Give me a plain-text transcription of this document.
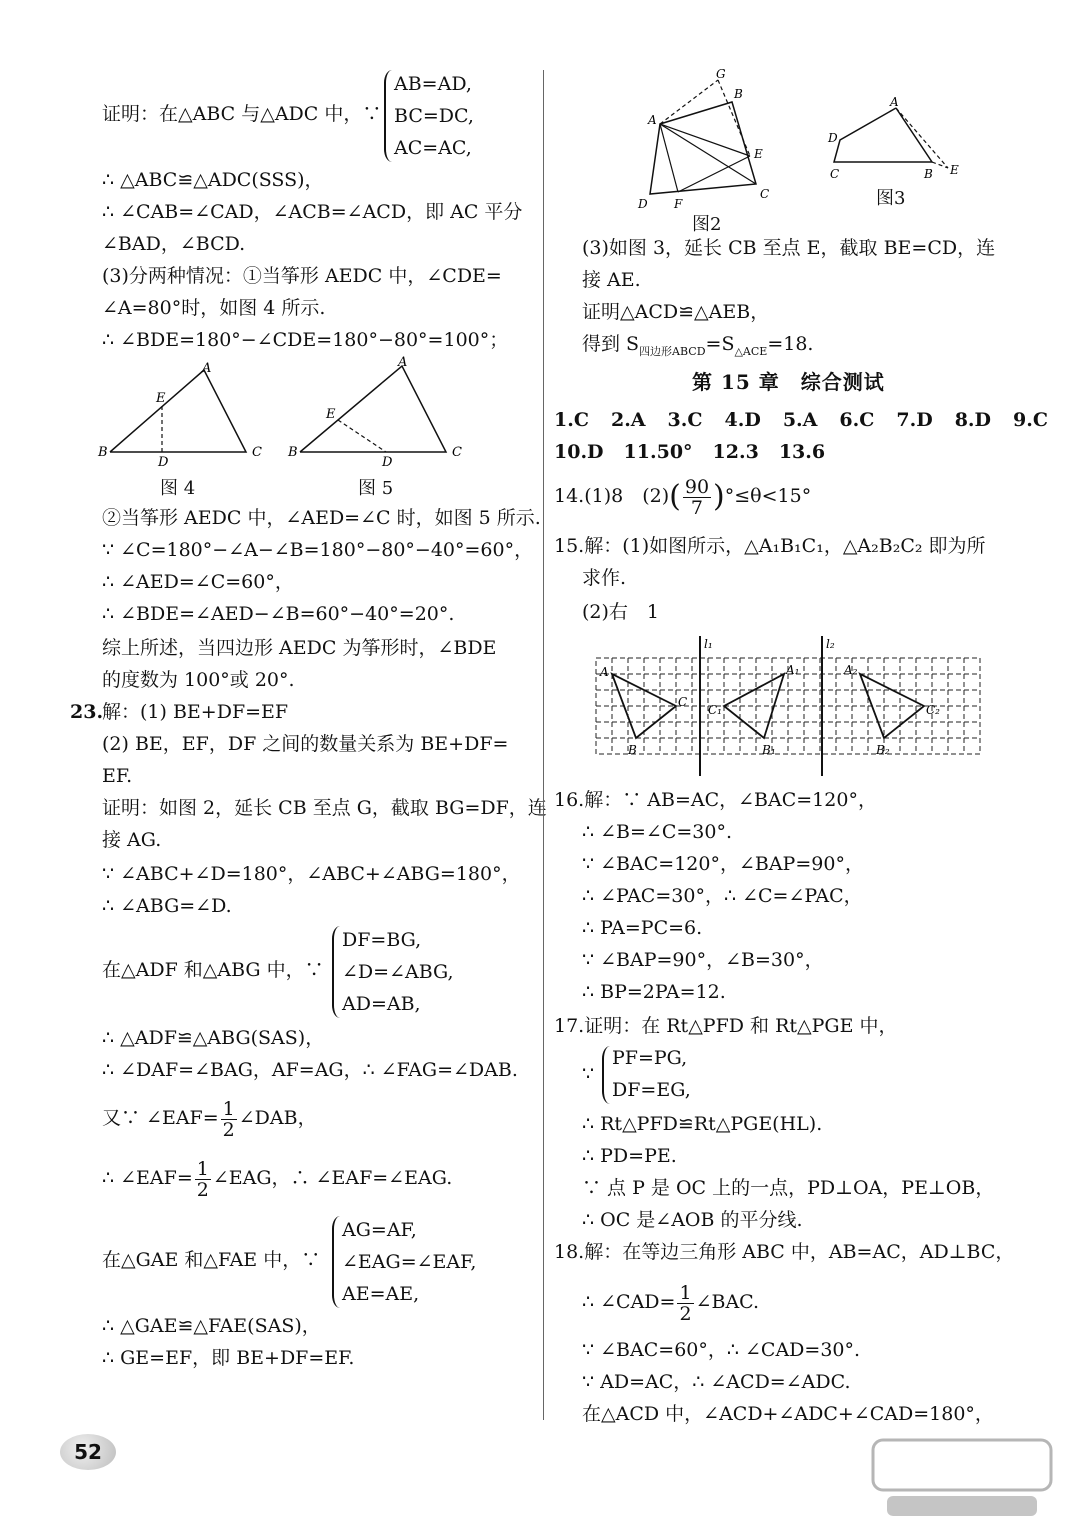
证明：在△ABC 与△ADC 中，∵
AB=AD,
BC=DC,
AC=AC,
∴ △ABC≌△ADC(SSS)，
∴ ∠CAB=∠CAD，∠ACB=∠ACD，即 AC 平分
∠BAD，∠BCD.
(3)分两种情况：①当筝形 AEDC 中，∠CDE=
∠A=80°时，如图 4 所示.
∴ ∠BDE=180°−∠CDE=180°−80°=100°；
A
E
B
D
C
图 4
A
E
B
D
C
图 5
②当筝形 AEDC 中，∠AED=∠C 时，如图 5 所示.
∵ ∠C=180°−∠A−∠B=180°−80°−40°=60°，
∴ ∠AED=∠C=60°，
∴ ∠BDE=∠AED−∠B=60°−40°=20°.
综上所述，当四边形 AEDC 为筝形时，∠BDE
的度数为 100°或 20°.
23.
解：(1) BE+DF=EF
(2) BE，EF，DF 之间的数量关系为 BE+DF=
EF.
证明：如图 2，延长 CB 至点 G，截取 BG=DF，连
接 AG.
∵ ∠ABC+∠D=180°，∠ABC+∠ABG=180°，
∴ ∠ABG=∠D.
在△ADF 和△ABG 中，∵
DF=BG,
∠D=∠ABG,
AD=AB,
∴ △ADF≌△ABG(SAS)，
∴ ∠DAF=∠BAG，AF=AG，∴ ∠FAG=∠DAB.
又∵ ∠EAF= $\frac{1}{2}$ ∠DAB，
∴ ∠EAF= $\frac{1}{2}$ ∠EAG，∴ ∠EAF=∠EAG.
在△GAE 和△FAE 中，∵
AG=AF,
∠EAG=∠EAF,
AE=AE,
∴ △GAE≌△FAE(SAS)，
∴ GE=EF，即 BE+DF=EF.
G
B
A
E
D F
C
图2
A
D
C	B E
图3
(3)如图 3，延长 CB 至点 E，截取 BE=CD，连
接 AE.
证明△ACD≌△AEB，
得到 $S_{四边形ABCD}=S_{\triangle ACE}=18$.
第 15 章　综合测试
1.C 2.A 3.C 4.D 5.A 6.C 7.D 8.D 9.C
10.D 11.50° 12.3 13.6
14.(1)8　$(2)( \frac{90}{7} )^\circ\le\theta<15^\circ$
15.解：(1)如图所示，△A₁B₁C₁，△A₂B₂C₂ 即为所
求作.
(2)右　1
l₁	l₂
A
C
B
A₁
C₁
B₁
A₂
C₂
B₂
16.解：∵ AB=AC，∠BAC=120°，
∴ ∠B=∠C=30°.
∵ ∠BAC=120°，∠BAP=90°，
∴ ∠PAC=30°，∴ ∠C=∠PAC，
∴ PA=PC=6.
∵ ∠BAP=90°，∠B=30°，
∴ BP=2PA=12.
17.证明：在 Rt△PFD 和 Rt△PGE 中，
∵
PF=PG,
DF=EG,
∴ Rt△PFD≌Rt△PGE(HL).
∴ PD=PE.
∵ 点 P 是 OC 上的一点，PD⊥OA，PE⊥OB，
∴ OC 是∠AOB 的平分线.
18.解：在等边三角形 ABC 中，AB=AC，AD⊥BC，
∴ ∠CAD= $\frac{1}{2}$ ∠BAC.
∵ ∠BAC=60°，∴ ∠CAD=30°.
∵ AD=AC，∴ ∠ACD=∠ADC.
在△ACD 中，∠ACD+∠ADC+∠CAD=180°，
52
